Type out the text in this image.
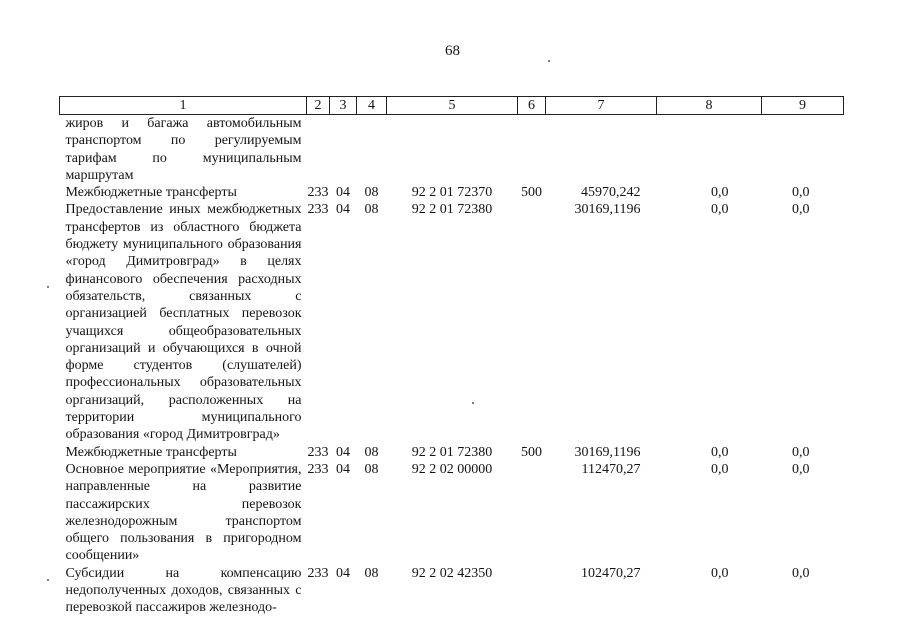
68
1	2	3	4	5	6	7	8	9
жиров и багажа автомобильным транспортом по регулируемым тарифам по муниципальным маршрутам								
Межбюджетные трансферты	233	04	08	92 2 01 72370	500	45970,242	0,0	0,0
Предоставление иных межбюджетных трансфертов из областного бюджета бюджету муниципального образования «город Димитровград» в целях финансового обеспечения расходных обязательств, связанных с организацией бесплатных перевозок учащихся общеобразовательных организаций и обучающихся в очной форме студентов (слушателей) профессиональных образовательных организаций, расположенных на территории муниципального образования «город Димитровград»	233	04	08	92 2 01 72380		30169,1196	0,0	0,0
Межбюджетные трансферты	233	04	08	92 2 01 72380	500	30169,1196	0,0	0,0
Основное мероприятие «Мероприятия, направленные на развитие пассажирских перевозок железнодорожным транспортом общего пользования в пригородном сообщении»	233	04	08	92 2 02 00000		112470,27	0,0	0,0
Субсидии на компенсацию недополученных доходов, связанных с перевозкой пассажиров железнодо-	233	04	08	92 2 02 42350		102470,27	0,0	0,0
